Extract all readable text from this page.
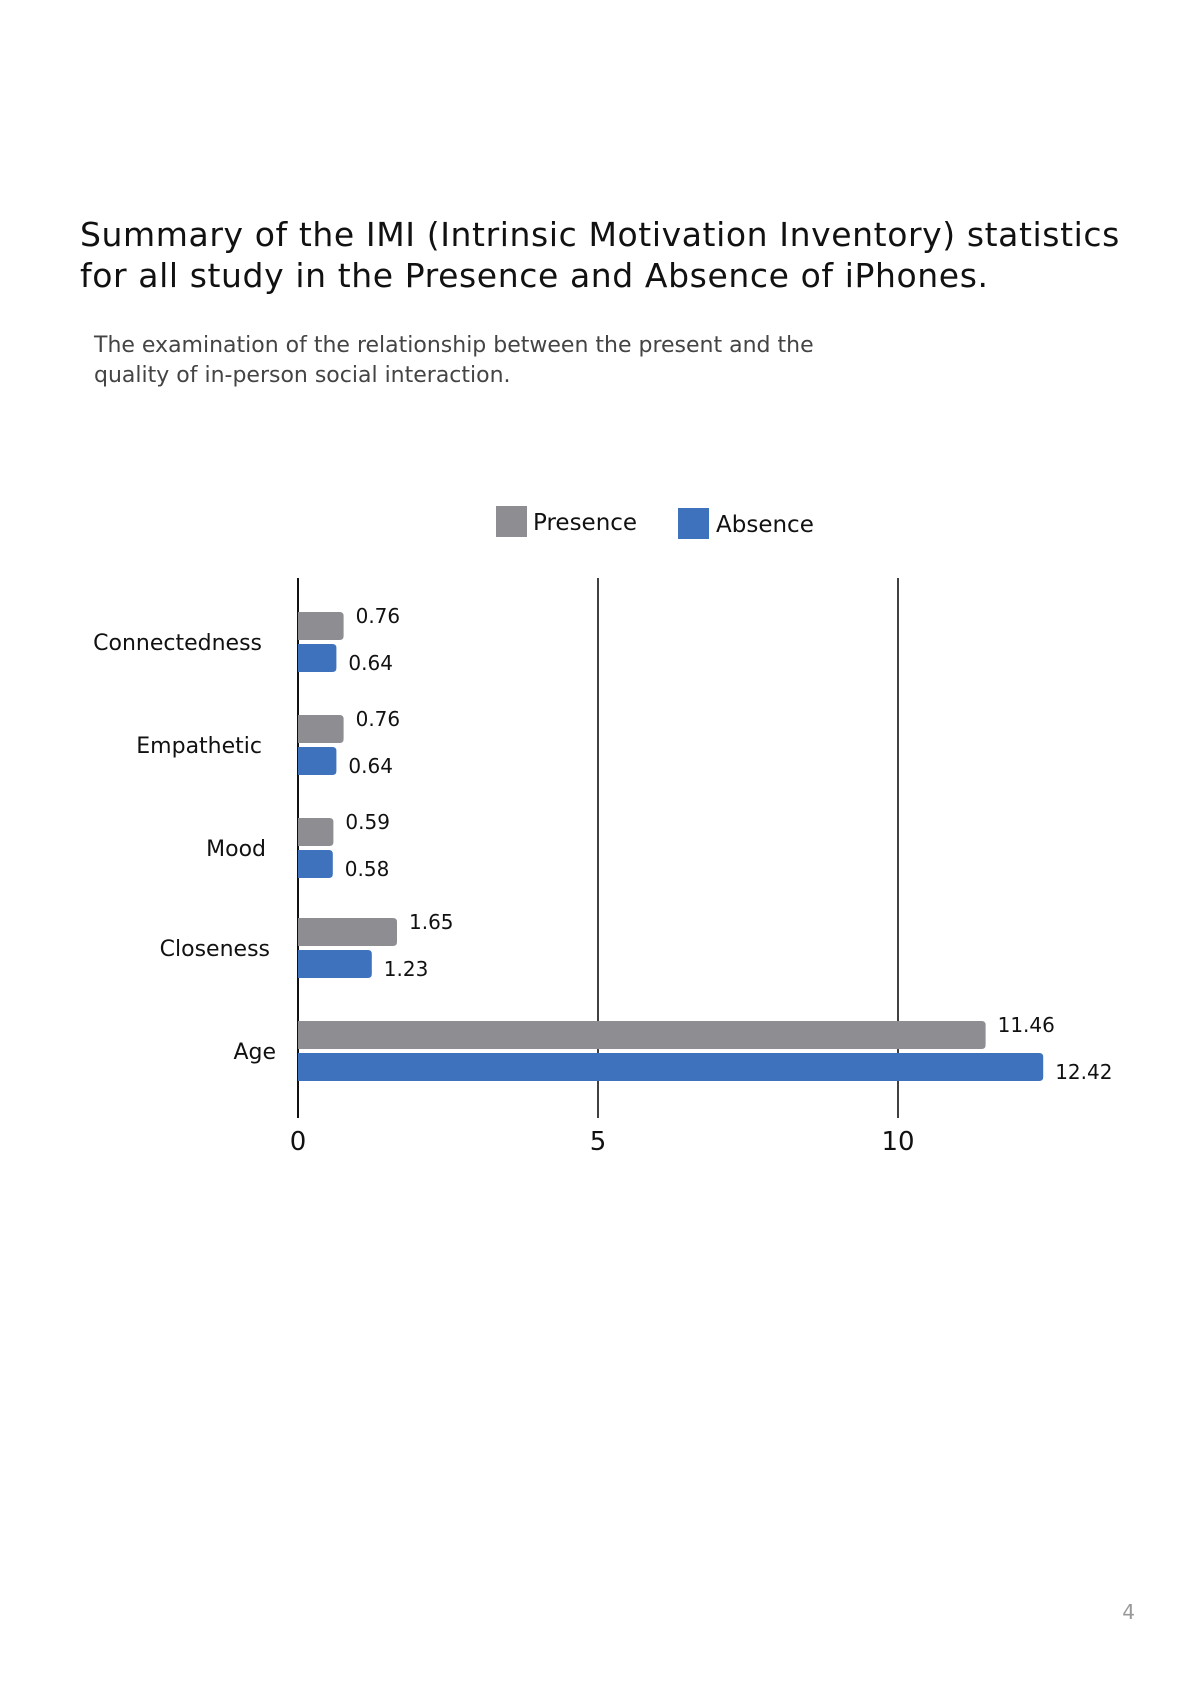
Summary of the IMI (Intrinsic Motivation Inventory) statistics for all study in the Presence and Absence of iPhones.
The examination of the relationship between the present and the quality of in-person social interaction.
0	5	10
Connectedness
0.76
0.64
Empathetic
0.76
0.64
Mood
0.59
0.58
Closeness
1.65
1.23
Age
11.46
12.42
Presence	Absence
4
